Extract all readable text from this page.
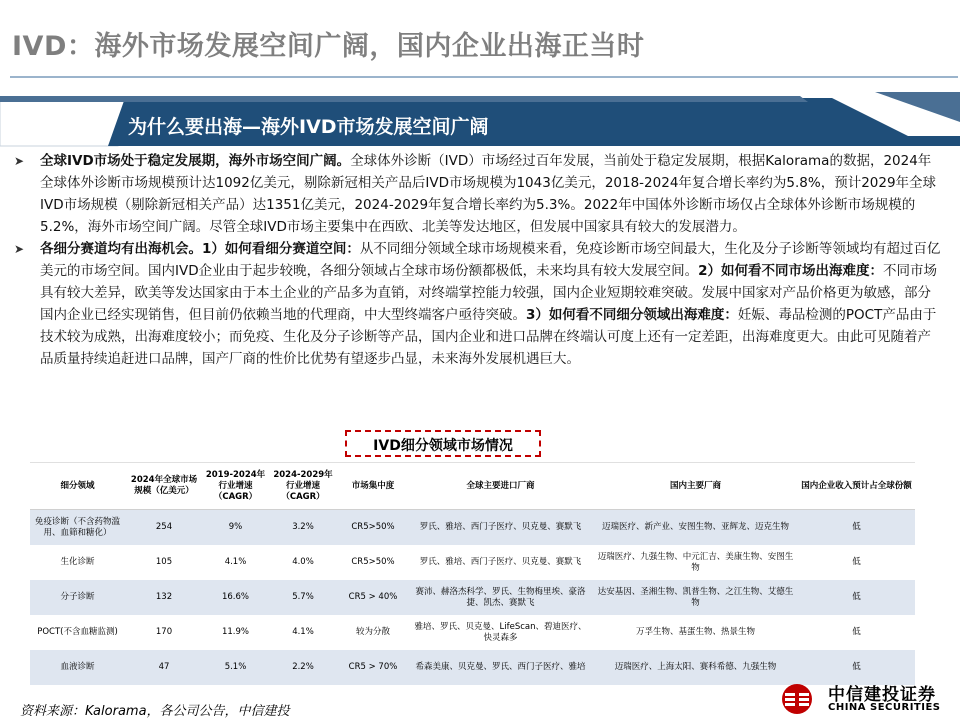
IVD：海外市场发展空间广阔，国内企业出海正当时
为什么要出海—海外IVD市场发展空间广阔

➤ 全球IVD市场处于稳定发展期，海外市场空间广阔。全球体外诊断（IVD）市场经过百年发展，当前处于稳定发展期，根据Kalorama的数据，2024年全球体外诊断市场规模预计达1092亿美元，剔除新冠相关产品后IVD市场规模为1043亿美元，2018-2024年复合增长率约为5.8%，预计2029年全球IVD市场规模（剔除新冠相关产品）达1351亿美元，2024-2029年复合增长率约为5.3%。2022年中国体外诊断市场仅占全球体外诊断市场规模的5.2%，海外市场空间广阔。尽管全球IVD市场主要集中在西欧、北美等发达地区，但发展中国家具有较大的发展潜力。

➤ 各细分赛道均有出海机会。1）如何看细分赛道空间：从不同细分领域全球市场规模来看，免疫诊断市场空间最大，生化及分子诊断等领域均有超过百亿美元的市场空间。国内IVD企业由于起步较晚，各细分领域占全球市场份额都极低，未来均具有较大发展空间。2）如何看不同市场出海难度：不同市场具有较大差异，欧美等发达国家由于本土企业的产品多为直销，对终端掌控能力较强，国内企业短期较难突破。发展中国家对产品价格更为敏感，部分国内企业已经实现销售，但目前仍依赖当地的代理商，中大型终端客户亟待突破。3）如何看不同细分领域出海难度：妊娠、毒品检测的POCT产品由于技术较为成熟，出海难度较小；而免疫、生化及分子诊断等产品，国内企业和进口品牌在终端认可度上还有一定差距，出海难度更大。由此可见随着产品质量持续追赶进口品牌，国产厂商的性价比优势有望逐步凸显，未来海外发展机遇巨大。

IVD细分领域市场情况
细分领域	2024年全球市场规模（亿美元）	2019-2024年行业增速（CAGR）	2024-2029年行业增速（CAGR）	市场集中度	全球主要进口厂商	国内主要厂商	国内企业收入预计占全球份额
免疫诊断（不含药物滥用、血筛和糖化）	254	9%	3.2%	CR5>50%	罗氏、雅培、西门子医疗、贝克曼、赛默飞	迈瑞医疗、新产业、安图生物、亚辉龙、迈克生物	低
生化诊断	105	4.1%	4.0%	CR5>50%	罗氏、雅培、西门子医疗、贝克曼、赛默飞	迈瑞医疗、九强生物、中元汇吉、美康生物、安图生物	低
分子诊断	132	16.6%	5.7%	CR5 > 40%	赛沛、赫洛杰科学、罗氏、生物梅里埃、豪洛捷、凯杰、赛默飞	达安基因、圣湘生物、凯普生物、之江生物、艾德生物	低
POCT(不含血糖监测)	170	11.9%	4.1%	较为分散	雅培、罗氏、贝克曼、LifeScan、碧迪医疗、快灵森多	万孚生物、基蛋生物、热景生物	低
血液诊断	47	5.1%	2.2%	CR5 > 70%	希森美康、贝克曼、罗氏、西门子医疗、雅培	迈瑞医疗、上海太阳、赛科希德、九强生物	低
资料来源：Kalorama，各公司公告，中信建投
中信建投证券
CHINA SECURITIES
